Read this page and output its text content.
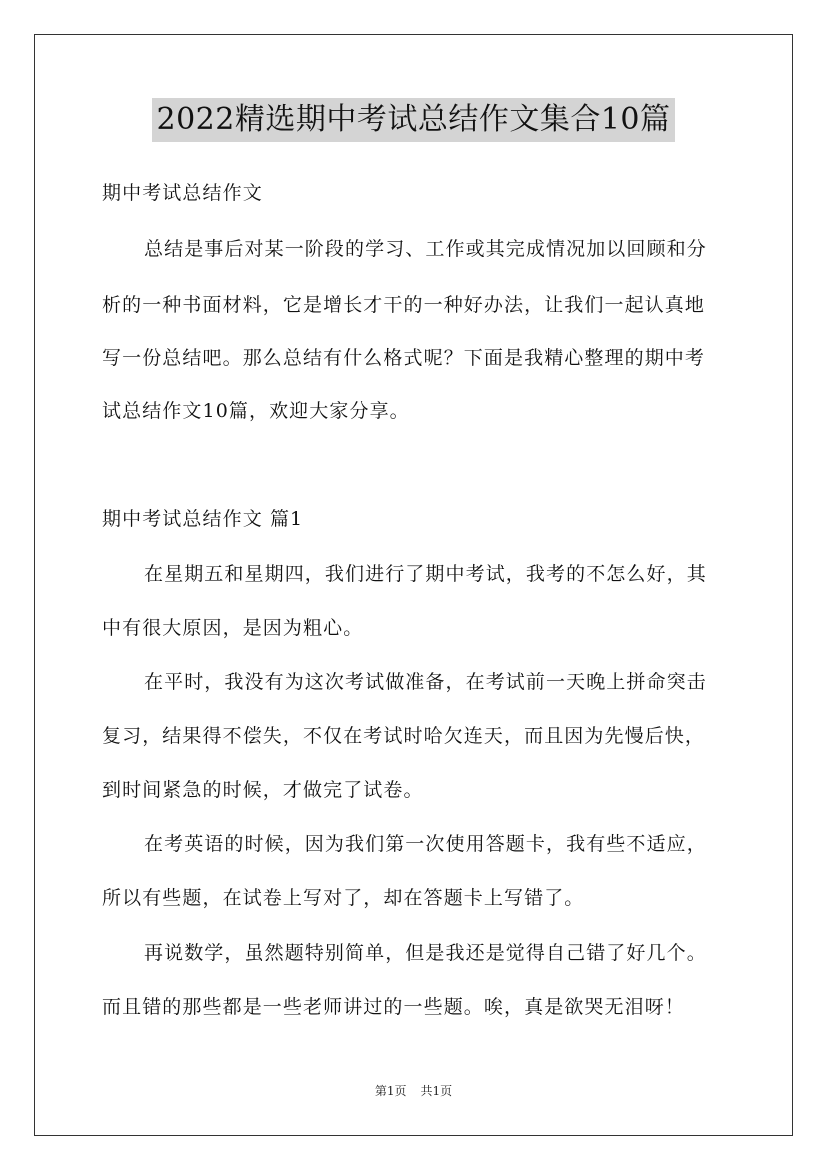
2022精选期中考试总结作文集合10篇
期中考试总结作文
总结是事后对某一阶段的学习、工作或其完成情况加以回顾和分
析的一种书面材料，它是增长才干的一种好办法，让我们一起认真地
写一份总结吧。那么总结有什么格式呢？下面是我精心整理的期中考
试总结作文10篇，欢迎大家分享。
期中考试总结作文 篇1
在星期五和星期四，我们进行了期中考试，我考的不怎么好，其
中有很大原因，是因为粗心。
在平时，我没有为这次考试做准备，在考试前一天晚上拼命突击
复习，结果得不偿失，不仅在考试时哈欠连天，而且因为先慢后快，
到时间紧急的时候，才做完了试卷。
在考英语的时候，因为我们第一次使用答题卡，我有些不适应，
所以有些题，在试卷上写对了，却在答题卡上写错了。
再说数学，虽然题特别简单，但是我还是觉得自己错了好几个。
而且错的那些都是一些老师讲过的一些题。唉，真是欲哭无泪呀！
第1页 共1页
